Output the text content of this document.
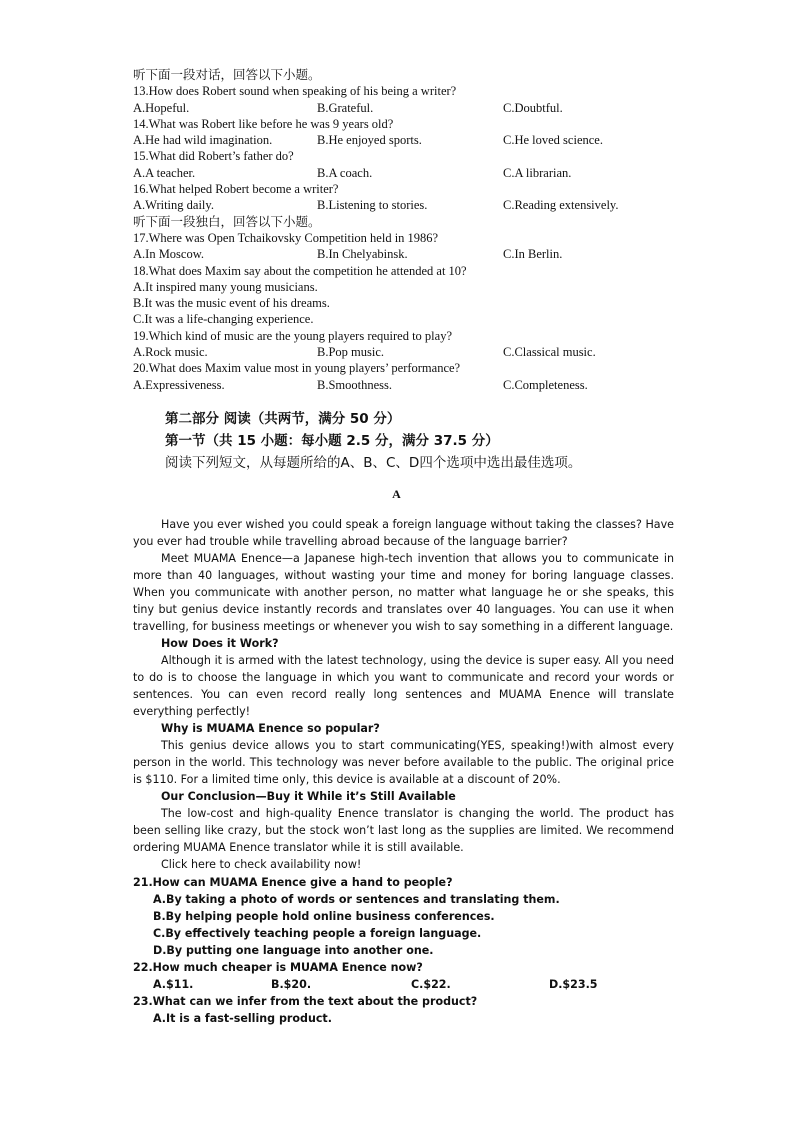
听下面一段对话，回答以下小题。
13.How does Robert sound when speaking of his being a writer?
A.Hopeful.	B.Grateful.	C.Doubtful.
14.What was Robert like before he was 9 years old?
A.He had wild imagination.	B.He enjoyed sports.	C.He loved science.
15.What did Robert’s father do?
A.A teacher.	B.A coach.	C.A librarian.
16.What helped Robert become a writer?
A.Writing daily.	B.Listening to stories.	C.Reading extensively.
听下面一段独白，回答以下小题。
17.Where was Open Tchaikovsky Competition held in 1986?
A.In Moscow.	B.In Chelyabinsk.	C.In Berlin.
18.What does Maxim say about the competition he attended at 10?
A.It inspired many young musicians.
B.It was the music event of his dreams.
C.It was a life-changing experience.
19.Which kind of music are the young players required to play?
A.Rock music.	B.Pop music.	C.Classical music.
20.What does Maxim value most in young players’ performance?
A.Expressiveness.	B.Smoothness.	C.Completeness.
第二部分 阅读（共两节，满分 50 分）
第一节（共 15 小题：每小题 2.5 分，满分 37.5 分）
阅读下列短文，从每题所给的A、B、C、D四个选项中选出最佳选项。
A

Have you ever wished you could speak a foreign language without taking the classes? Have you ever had trouble while travelling abroad because of the language barrier?

Meet MUAMA Enence—a Japanese high-tech invention that allows you to communicate in more than 40 languages, without wasting your time and money for boring language classes. When you communicate with another person, no matter what language he or she speaks, this tiny but genius device instantly records and translates over 40 languages. You can use it when travelling, for business meetings or whenever you wish to say something in a different language.

How Does it Work?

Although it is armed with the latest technology, using the device is super easy. All you need to do is to choose the language in which you want to communicate and record your words or sentences. You can even record really long sentences and MUAMA Enence will translate everything perfectly!

Why is MUAMA Enence so popular?

This genius device allows you to start communicating(YES, speaking!)with almost every person in the world. This technology was never before available to the public. The original price is $110. For a limited time only, this device is available at a discount of 20%.

Our Conclusion—Buy it While it’s Still Available

The low-cost and high-quality Enence translator is changing the world. The product has been selling like crazy, but the stock won’t last long as the supplies are limited. We recommend ordering MUAMA Enence translator while it is still available.

Click here to check availability now!

21.How can MUAMA Enence give a hand to people?
A.By taking a photo of words or sentences and translating them.
B.By helping people hold online business conferences.
C.By effectively teaching people a foreign language.
D.By putting one language into another one.
22.How much cheaper is MUAMA Enence now?
A.$11.	B.$20.	C.$22.	D.$23.5
23.What can we infer from the text about the product?
A.It is a fast-selling product.
